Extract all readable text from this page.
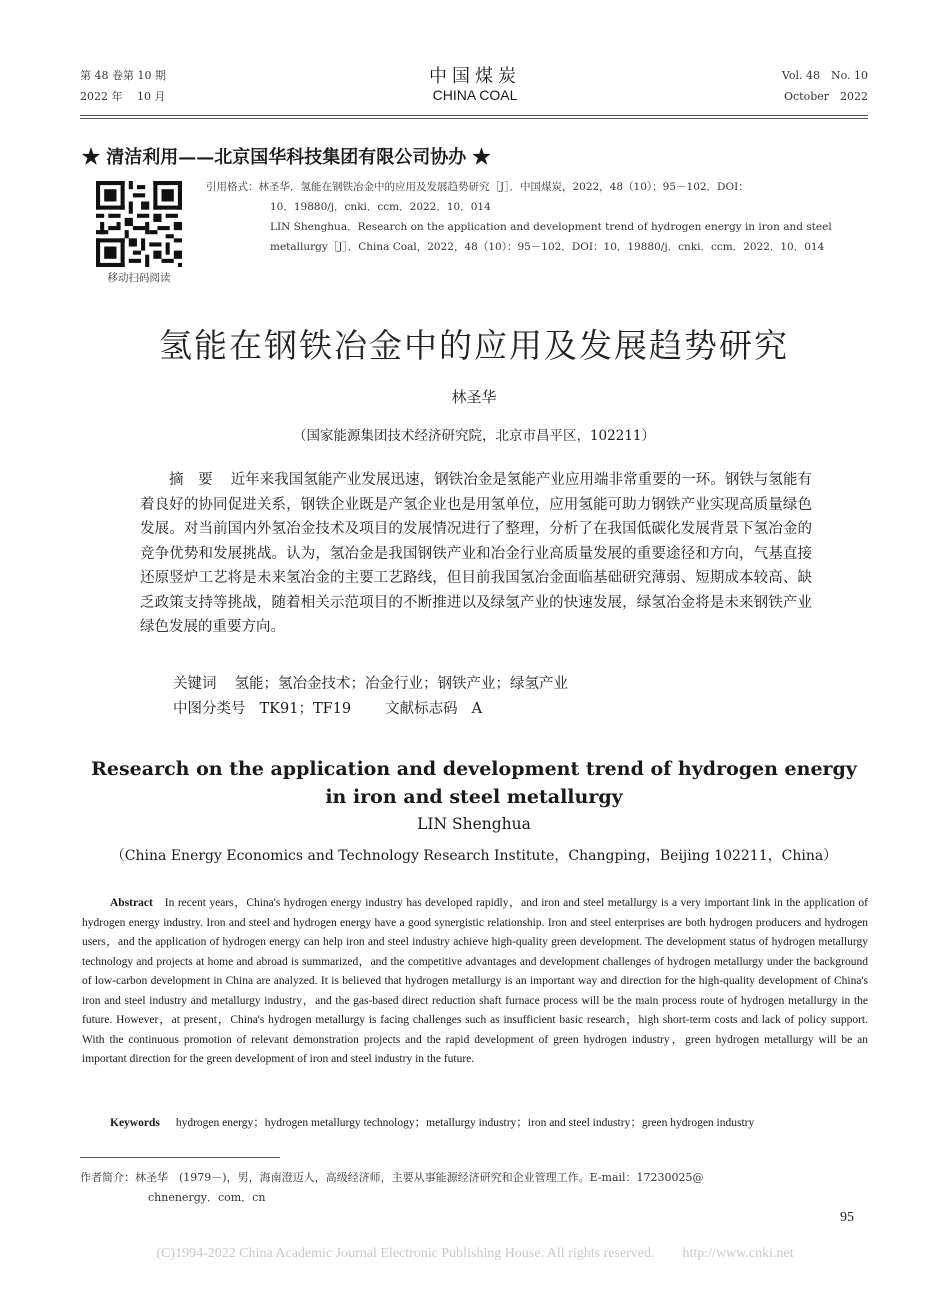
第 48 卷第 10 期
2022 年　 10 月
中国煤炭
CHINA COAL
Vol. 48　No. 10
October　2022
★ 清洁利用——北京国华科技集团有限公司协办 ★
移动扫码阅读
引用格式：林圣华．氢能在钢铁冶金中的应用及发展趋势研究［J］．中国煤炭，2022，48（10）：95－102．DOI：
10．19880/j．cnki．ccm．2022．10．014
LIN Shenghua．Research on the application and development trend of hydrogen energy in iron and steel
metallurgy［J］．China Coal，2022，48（10）：95－102．DOI：10．19880/j．cnki．ccm．2022．10．014
氢能在钢铁冶金中的应用及发展趋势研究
林圣华
（国家能源集团技术经济研究院，北京市昌平区，102211）
摘　要 近年来我国氢能产业发展迅速，钢铁冶金是氢能产业应用端非常重要的一环。钢铁与氢能有着良好的协同促进关系，钢铁企业既是产氢企业也是用氢单位，应用氢能可助力钢铁产业实现高质量绿色发展。对当前国内外氢冶金技术及项目的发展情况进行了整理，分析了在我国低碳化发展背景下氢冶金的竞争优势和发展挑战。认为，氢冶金是我国钢铁产业和冶金行业高质量发展的重要途径和方向，气基直接还原竖炉工艺将是未来氢冶金的主要工艺路线，但目前我国氢冶金面临基础研究薄弱、短期成本较高、缺乏政策支持等挑战，随着相关示范项目的不断推进以及绿氢产业的快速发展，绿氢冶金将是未来钢铁产业绿色发展的重要方向。
关键词 氢能；氢冶金技术；冶金行业；钢铁产业；绿氢产业
中图分类号 TK91；TF19 文献标志码 A
Research on the application and development trend of hydrogen energy
in iron and steel metallurgy
LIN Shenghua
（China Energy Economics and Technology Research Institute，Changping，Beijing 102211，China）
Abstract In recent years，China's hydrogen energy industry has developed rapidly，and iron and steel metallurgy is a very important link in the application of hydrogen energy industry. Iron and steel and hydrogen energy have a good synergistic relationship. Iron and steel enterprises are both hydrogen producers and hydrogen users，and the application of hydrogen energy can help iron and steel industry achieve high-quality green development. The development status of hydrogen metallurgy technology and projects at home and abroad is summarized，and the competitive advantages and development challenges of hydrogen metallurgy under the background of low-carbon development in China are analyzed. It is believed that hydrogen metallurgy is an important way and direction for the high-quality development of China's iron and steel industry and metallurgy industry，and the gas-based direct reduction shaft furnace process will be the main process route of hydrogen metallurgy in the future. However，at present，China's hydrogen metallurgy is facing challenges such as insufficient basic research，high short-term costs and lack of policy support. With the continuous promotion of relevant demonstration projects and the rapid development of green hydrogen industry，green hydrogen metallurgy will be an important direction for the green development of iron and steel industry in the future.
Keywords hydrogen energy；hydrogen metallurgy technology；metallurgy industry；iron and steel industry；green hydrogen industry
作者简介：林圣华　(1979－)，男，海南澄迈人，高级经济师，主要从事能源经济研究和企业管理工作。E-mail：17230025@
chnenergy．com．cn
95
(C)1994-2022 China Academic Journal Electronic Publishing House. All rights reserved.　　http://www.cnki.net
